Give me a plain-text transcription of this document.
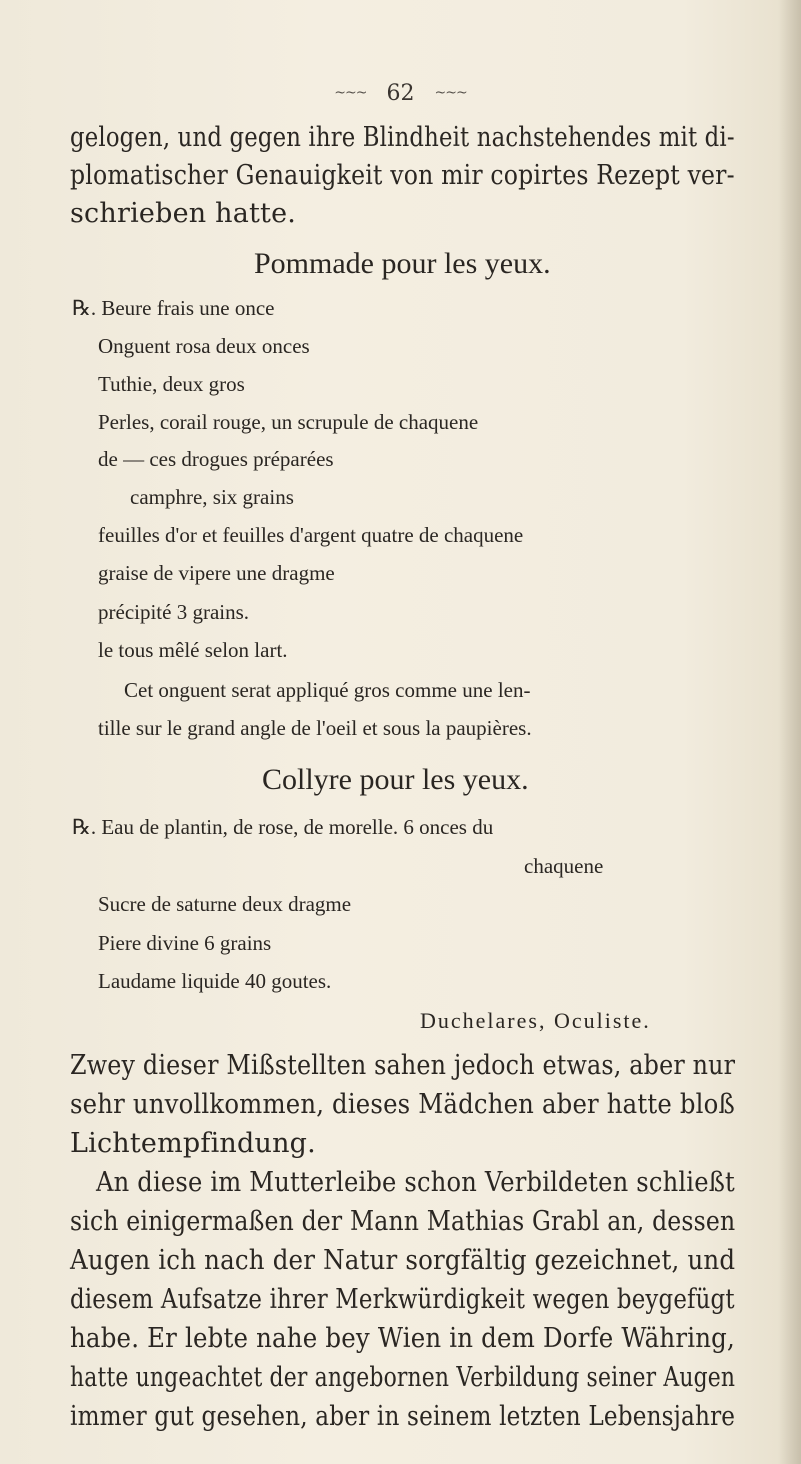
~~~ 62 ~~~
gelogen, und gegen ihre Blindheit nachstehendes mit di-
plomatischer Genauigkeit von mir copirtes Rezept ver-
schrieben hatte.
Pommade pour les yeux.
℞. Beure frais une once
Onguent rosa deux onces
Tuthie, deux gros
Perles, corail rouge, un scrupule de chaquene
de — ces drogues préparées
camphre, six grains
feuilles d'or et feuilles d'argent quatre de chaquene
graise de vipere une dragme
précipité 3 grains.
le tous mêlé selon lart.
Cet onguent serat appliqué gros comme une len-
tille sur le grand angle de l'oeil et sous la paupières.
Collyre pour les yeux.
℞. Eau de plantin, de rose, de morelle. 6 onces du
chaquene
Sucre de saturne deux dragme
Piere divine 6 grains
Laudame liquide 40 goutes.
Duchelares, Oculiste.
Zwey dieser Mißstellten sahen jedoch etwas, aber nur
sehr unvollkommen, dieses Mädchen aber hatte bloß
Lichtempfindung.
An diese im Mutterleibe schon Verbildeten schließt
sich einigermaßen der Mann Mathias Grabl an, dessen
Augen ich nach der Natur sorgfältig gezeichnet, und
diesem Aufsatze ihrer Merkwürdigkeit wegen beygefügt
habe. Er lebte nahe bey Wien in dem Dorfe Währing,
hatte ungeachtet der angebornen Verbildung seiner Augen
immer gut gesehen, aber in seinem letzten Lebensjahre
